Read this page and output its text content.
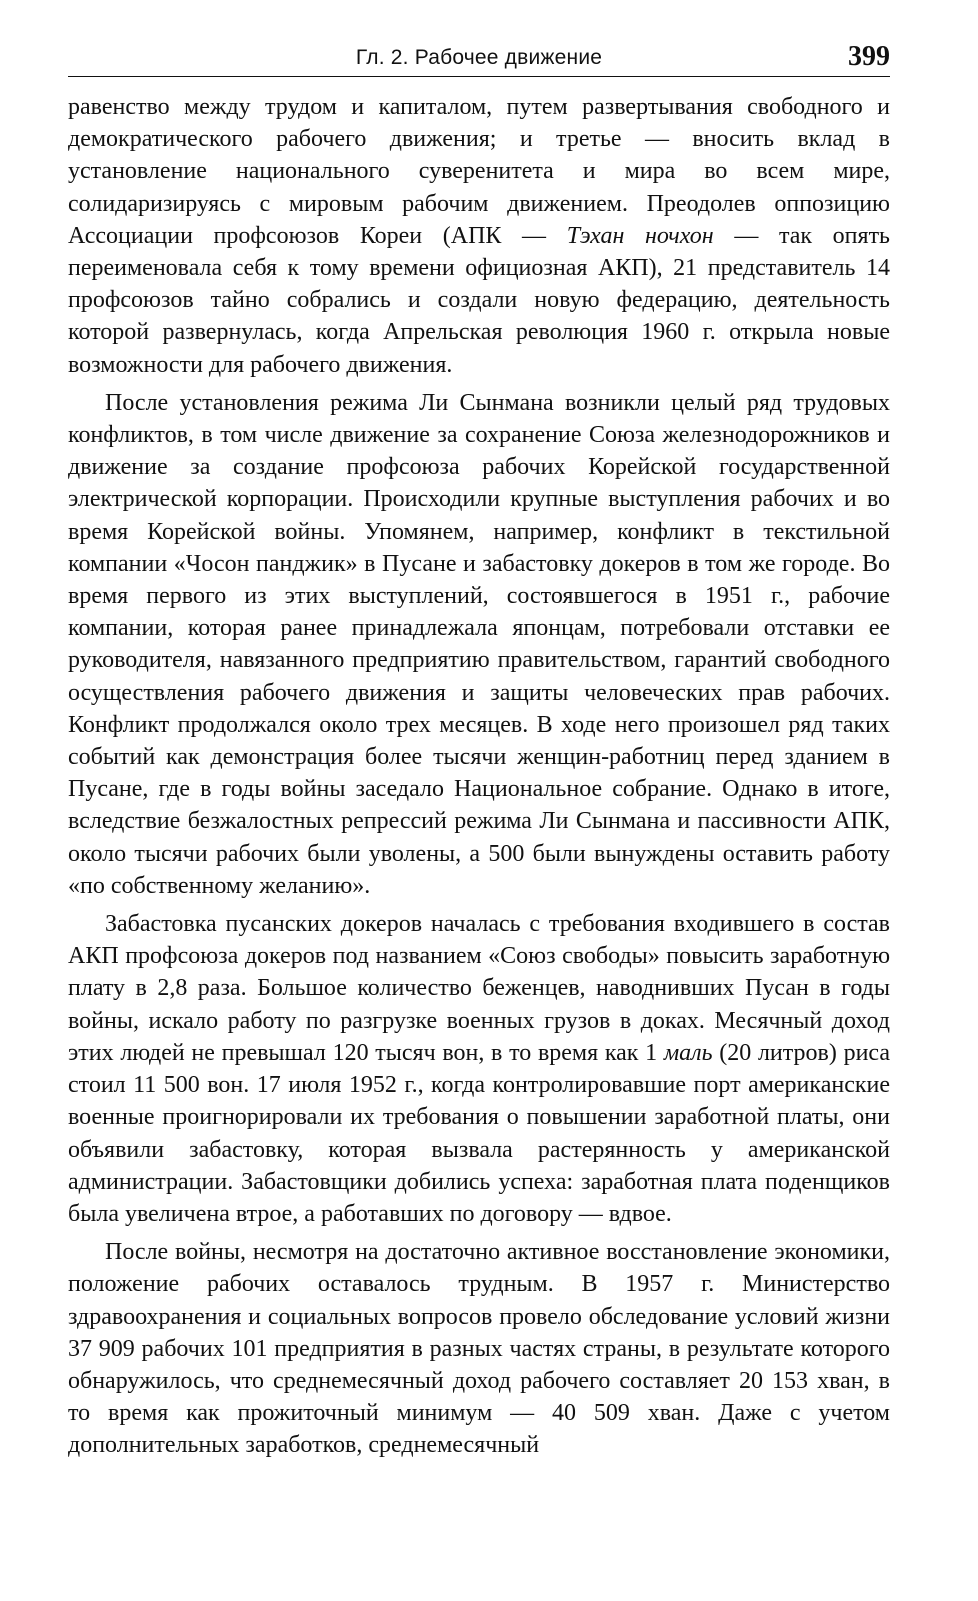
Гл. 2. Рабочее движение	399

равенство между трудом и капиталом, путем развертывания свободного и демократического рабочего движения; и третье — вносить вклад в установление национального суверенитета и мира во всем мире, солидаризируясь с мировым рабочим движением. Преодолев оппозицию Ассоциации профсоюзов Кореи (АПК — Тэхан ночхон — так опять переименовала себя к тому времени официозная АКП), 21 представитель 14 профсоюзов тайно собрались и создали новую федерацию, деятельность которой развернулась, когда Апрельская революция 1960 г. открыла новые возможности для рабочего движения.

После установления режима Ли Сынмана возникли целый ряд трудовых конфликтов, в том числе движение за сохранение Союза железнодорожников и движение за создание профсоюза рабочих Корейской государственной электрической корпорации. Происходили крупные выступления рабочих и во время Корейской войны. Упомянем, например, конфликт в текстильной компании «Чосон панджик» в Пусане и забастовку докеров в том же городе. Во время первого из этих выступлений, состоявшегося в 1951 г., рабочие компании, которая ранее принадлежала японцам, потребовали отставки ее руководителя, навязанного предприятию правительством, гарантий свободного осуществления рабочего движения и защиты человеческих прав рабочих. Конфликт продолжался около трех месяцев. В ходе него произошел ряд таких событий как демонстрация более тысячи женщин-работниц перед зданием в Пусане, где в годы войны заседало Национальное собрание. Однако в итоге, вследствие безжалостных репрессий режима Ли Сынмана и пассивности АПК, около тысячи рабочих были уволены, а 500 были вынуждены оставить работу «по собственному желанию».

Забастовка пусанских докеров началась с требования входившего в состав АКП профсоюза докеров под названием «Союз свободы» повысить заработную плату в 2,8 раза. Большое количество беженцев, наводнивших Пусан в годы войны, искало работу по разгрузке военных грузов в доках. Месячный доход этих людей не превышал 120 тысяч вон, в то время как 1 маль (20 литров) риса стоил 11 500 вон. 17 июля 1952 г., когда контролировавшие порт американские военные проигнорировали их требования о повышении заработной платы, они объявили забастовку, которая вызвала растерянность у американской администрации. Забастовщики добились успеха: заработная плата поденщиков была увеличена втрое, а работавших по договору — вдвое.

После войны, несмотря на достаточно активное восстановление экономики, положение рабочих оставалось трудным. В 1957 г. Министерство здравоохранения и социальных вопросов провело обследование условий жизни 37 909 рабочих 101 предприятия в разных частях страны, в результате которого обнаружилось, что среднемесячный доход рабочего составляет 20 153 хван, в то время как прожиточный минимум — 40 509 хван. Даже с учетом дополнительных заработков, среднемесячный
